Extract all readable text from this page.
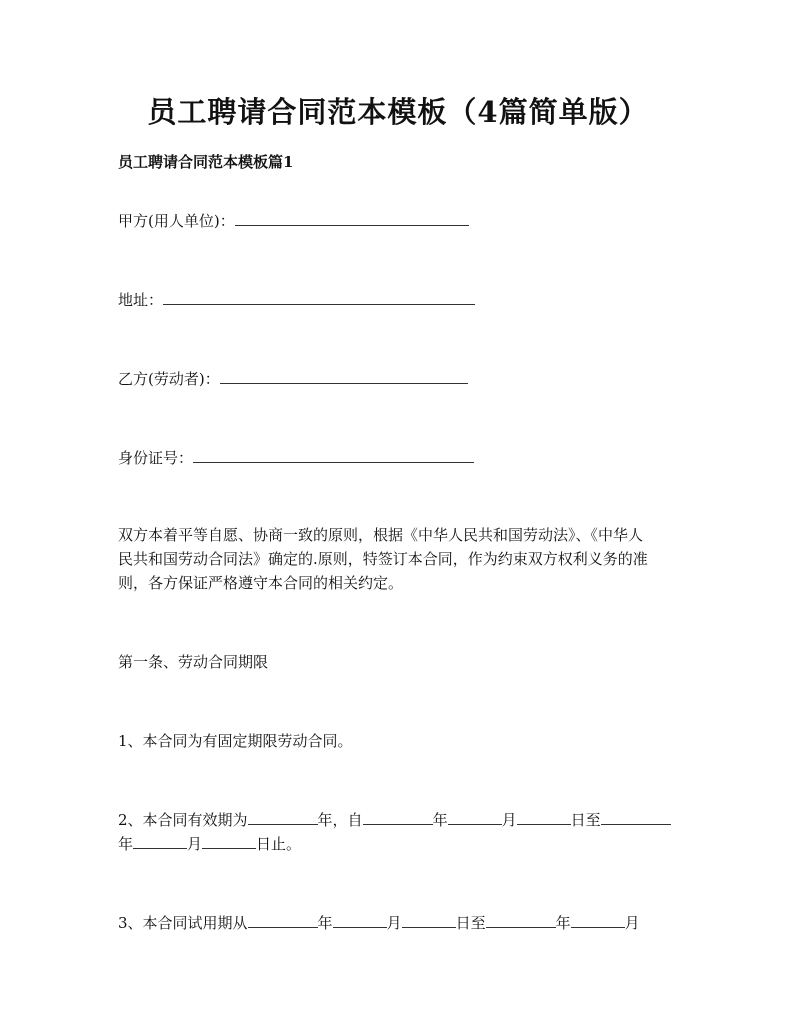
员工聘请合同范本模板（4篇简单版）
员工聘请合同范本模板篇1
甲方(用人单位)：
地址：
乙方(劳动者)：
身份证号：
双方本着平等自愿、协商一致的原则，根据《中华人民共和国劳动法》、《中华人
民共和国劳动合同法》确定的.原则，特签订本合同，作为约束双方权利义务的准
则，各方保证严格遵守本合同的相关约定。
第一条、劳动合同期限
1、本合同为有固定期限劳动合同。
2、本合同有效期为	年，自	年	月	日至
年	月	日止。
3、本合同试用期从	年	月	日至	年	月
